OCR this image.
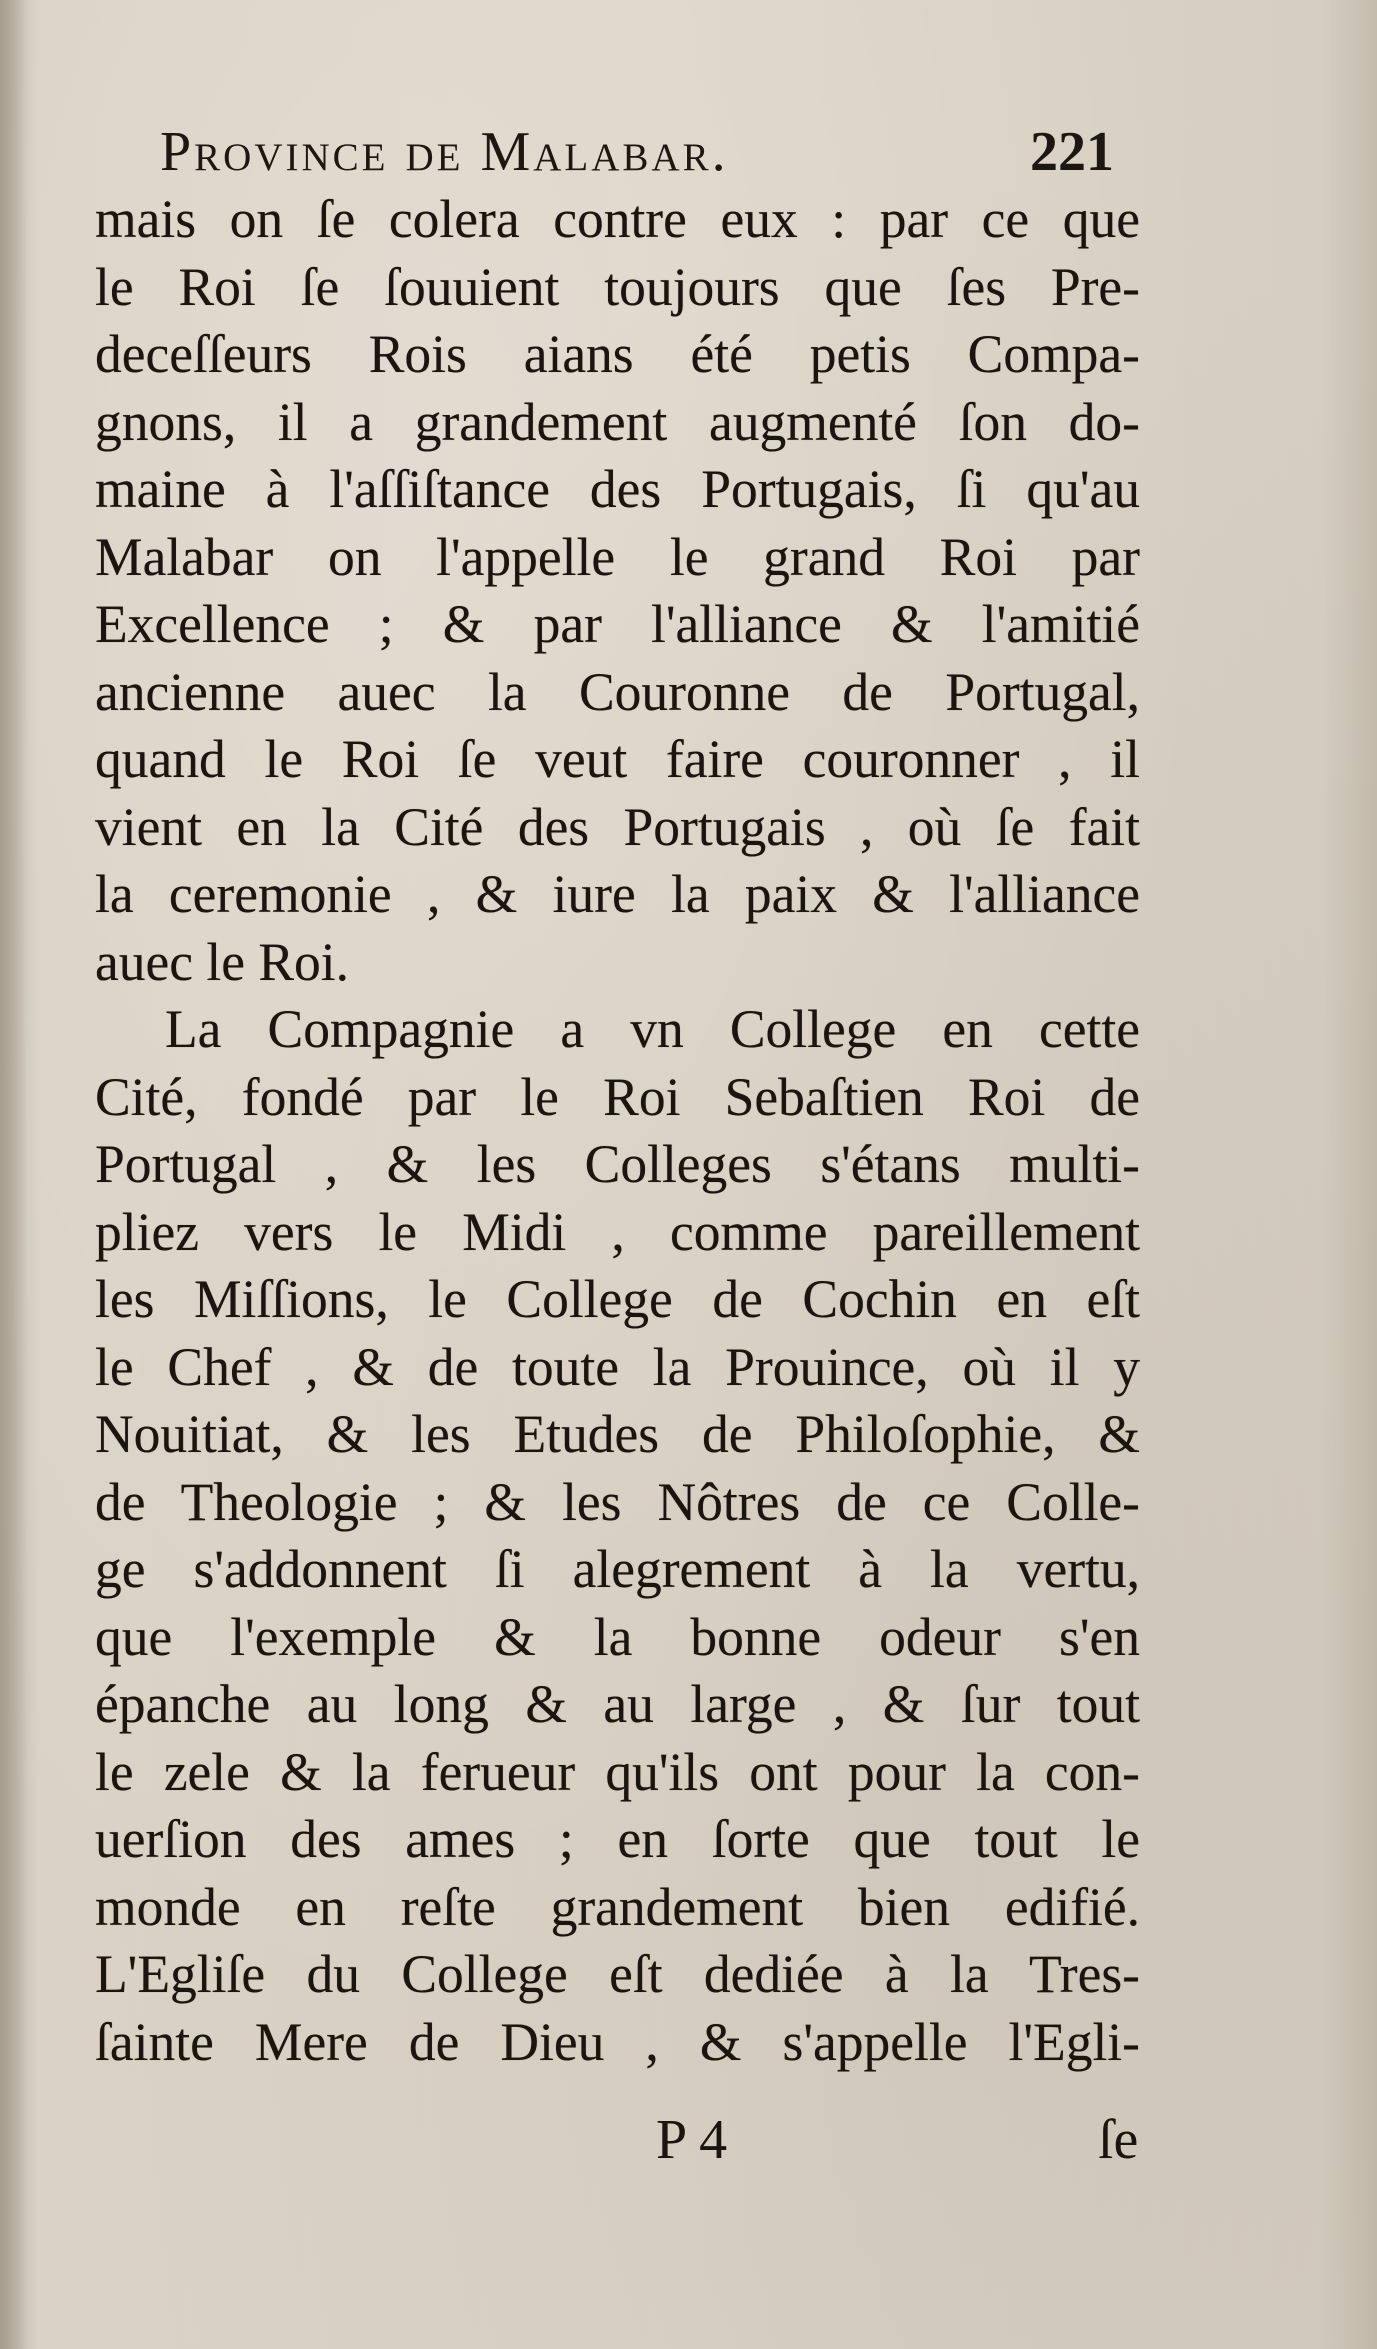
Province de Malabar.	221
mais on ſe colera contre eux : par ce que
le Roi ſe ſouuient toujours que ſes Pre-
deceſſeurs Rois aians été petis Compa-
gnons, il a grandement augmenté ſon do-
maine à l'aſſiſtance des Portugais, ſi qu'au
Malabar on l'appelle le grand Roi par
Excellence ; & par l'alliance & l'amitié
ancienne auec la Couronne de Portugal,
quand le Roi ſe veut faire couronner , il
vient en la Cité des Portugais , où ſe fait
la ceremonie , & iure la paix & l'alliance
auec le Roi.
La Compagnie a vn College en cette
Cité, fondé par le Roi Sebaſtien Roi de
Portugal , & les Colleges s'étans multi-
pliez vers le Midi , comme pareillement
les Miſſions, le College de Cochin en eſt
le Chef , & de toute la Prouince, où il y
Nouitiat, & les Etudes de Philoſophie, &
de Theologie ; & les Nôtres de ce Colle-
ge s'addonnent ſi alegrement à la vertu,
que l'exemple & la bonne odeur s'en
épanche au long & au large , & ſur tout
le zele & la ferueur qu'ils ont pour la con-
uerſion des ames ; en ſorte que tout le
monde en reſte grandement bien edifié.
L'Egliſe du College eſt dediée à la Tres-
ſainte Mere de Dieu , & s'appelle l'Egli-
P 4	ſe
